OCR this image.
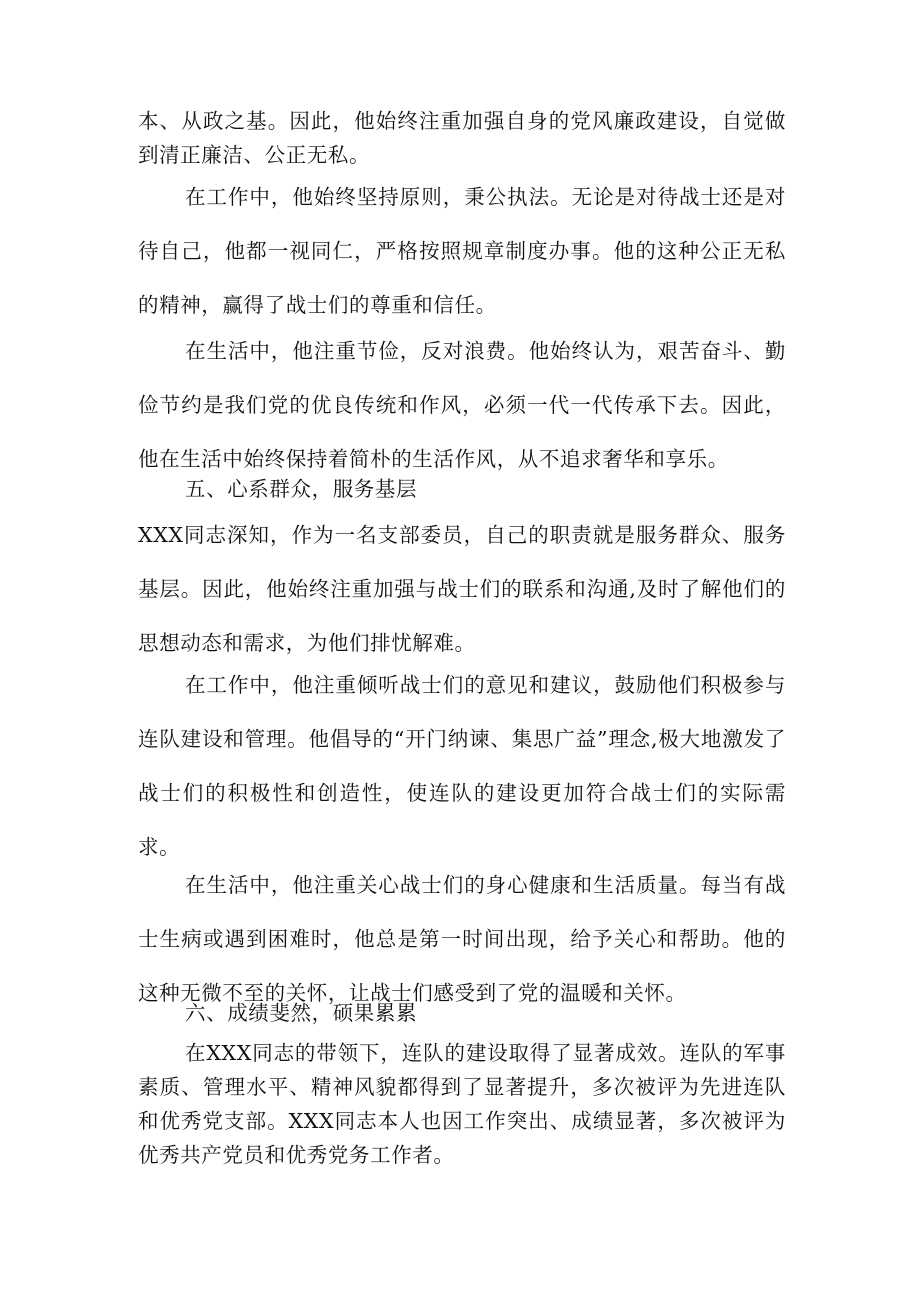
本、从政之基。因此，他始终注重加强自身的党风廉政建设，自觉做到清正廉洁、公正无私。

在工作中，他始终坚持原则，秉公执法。无论是对待战士还是对待自己，他都一视同仁，严格按照规章制度办事。他的这种公正无私的精神，赢得了战士们的尊重和信任。

在生活中，他注重节俭，反对浪费。他始终认为，艰苦奋斗、勤俭节约是我们党的优良传统和作风，必须一代一代传承下去。因此，他在生活中始终保持着简朴的生活作风，从不追求奢华和享乐。

五、心系群众，服务基层

XXX同志深知，作为一名支部委员，自己的职责就是服务群众、服务基层。因此，他始终注重加强与战士们的联系和沟通,及时了解他们的思想动态和需求，为他们排忧解难。

在工作中，他注重倾听战士们的意见和建议，鼓励他们积极参与连队建设和管理。他倡导的“开门纳谏、集思广益”理念,极大地激发了战士们的积极性和创造性，使连队的建设更加符合战士们的实际需求。

在生活中，他注重关心战士们的身心健康和生活质量。每当有战士生病或遇到困难时，他总是第一时间出现，给予关心和帮助。他的这种无微不至的关怀，让战士们感受到了党的温暖和关怀。

六、成绩斐然，硕果累累

在XXX同志的带领下，连队的建设取得了显著成效。连队的军事素质、管理水平、精神风貌都得到了显著提升，多次被评为先进连队和优秀党支部。XXX同志本人也因工作突出、成绩显著，多次被评为优秀共产党员和优秀党务工作者。
